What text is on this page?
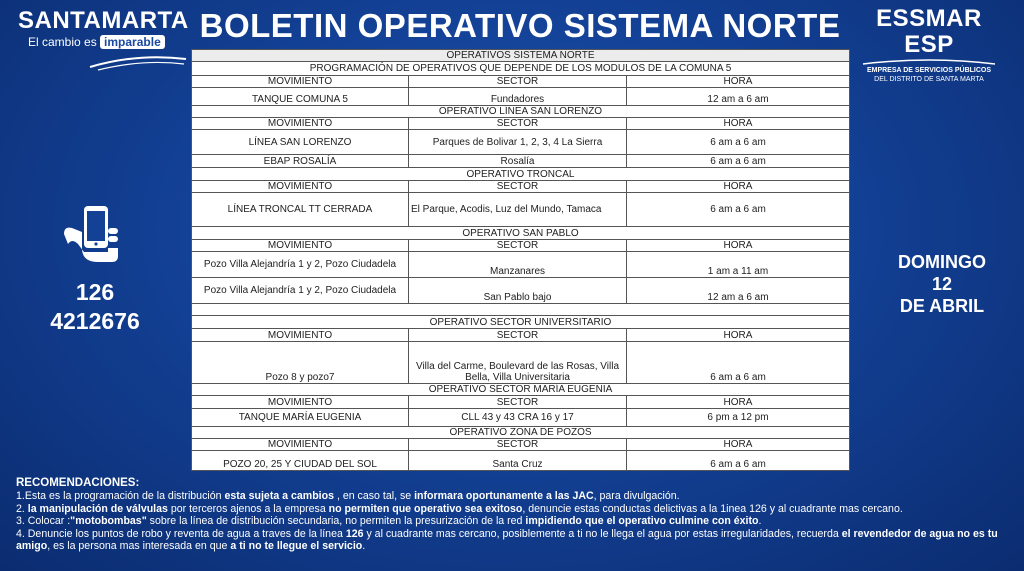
SANTAMARTA
El cambio es imparable	BOLETIN OPERATIVO SISTEMA NORTE	ESSMAR ESP
EMPRESA DE SERVICIOS PÚBLICOS
DEL DISTRITO DE SANTA MARTA
126
4212676
DOMINGO
12
DE ABRIL
OPERATIVOS SISTEMA NORTE		
PROGRAMACIÓN DE OPERATIVOS QUE DEPENDE DE LOS MODULOS DE LA COMUNA 5		
MOVIMIENTO	SECTOR	HORA
TANQUE COMUNA 5	Fundadores	12 am a 6 am
OPERATIVO LÍNEA SAN LORENZO		
MOVIMIENTO	SECTOR	HORA
LÍNEA SAN LORENZO	Parques de Bolivar 1, 2, 3, 4 La Sierra	6 am a 6 am
EBAP ROSALÍA	Rosalía	6 am a 6 am
OPERATIVO TRONCAL		
MOVIMIENTO	SECTOR	HORA
LÍNEA TRONCAL TT CERRADA	El Parque, Acodis, Luz del Mundo, Tamaca	6 am a 6 am
OPERATIVO SAN PABLO		
MOVIMIENTO	SECTOR	HORA
Pozo Villa Alejandría 1 y 2, Pozo Ciudadela	Manzanares	1 am a 11 am
Pozo Villa Alejandría 1 y 2, Pozo Ciudadela	San Pablo bajo	12 am a 6 am

OPERATIVO SECTOR UNIVERSITARIO		
MOVIMIENTO	SECTOR	HORA
Pozo 8 y pozo7	Villa del Carme, Boulevard de las Rosas, Villa Bella, Villa Universitaria	6 am a 6 am
OPERATIVO SECTOR MARÍA EUGENIA		
MOVIMIENTO	SECTOR	HORA
TANQUE MARÍA EUGENIA	CLL 43 y 43 CRA 16 y 17	6 pm a 12 pm
OPERATIVO ZONA DE POZOS		
MOVIMIENTO	SECTOR	HORA
POZO 20, 25 Y CIUDAD DEL SOL	Santa Cruz	6 am a 6 am
RECOMENDACIONES:
1.Esta es la programación de la distribución esta sujeta a cambios , en caso tal, se informara oportunamente a las JAC, para divulgación.
2. la manipulación de válvulas por terceros ajenos a la empresa no permiten que operativo sea exitoso, denuncie estas conductas delictivas a la 1inea 126 y al cuadrante mas cercano.
3. Colocar :"motobombas" sobre la línea de distribución secundaria, no permiten la presurización de la red impidiendo que el operativo culmine con éxito.
4. Denuncie los puntos de robo y reventa de agua a traves de la línea 126 y al cuadrante mas cercano, posiblemente a ti no le llega el agua por estas irregularidades, recuerda el revendedor de agua no es tu amigo, es la persona mas interesada en que a ti no te llegue el servicio.
